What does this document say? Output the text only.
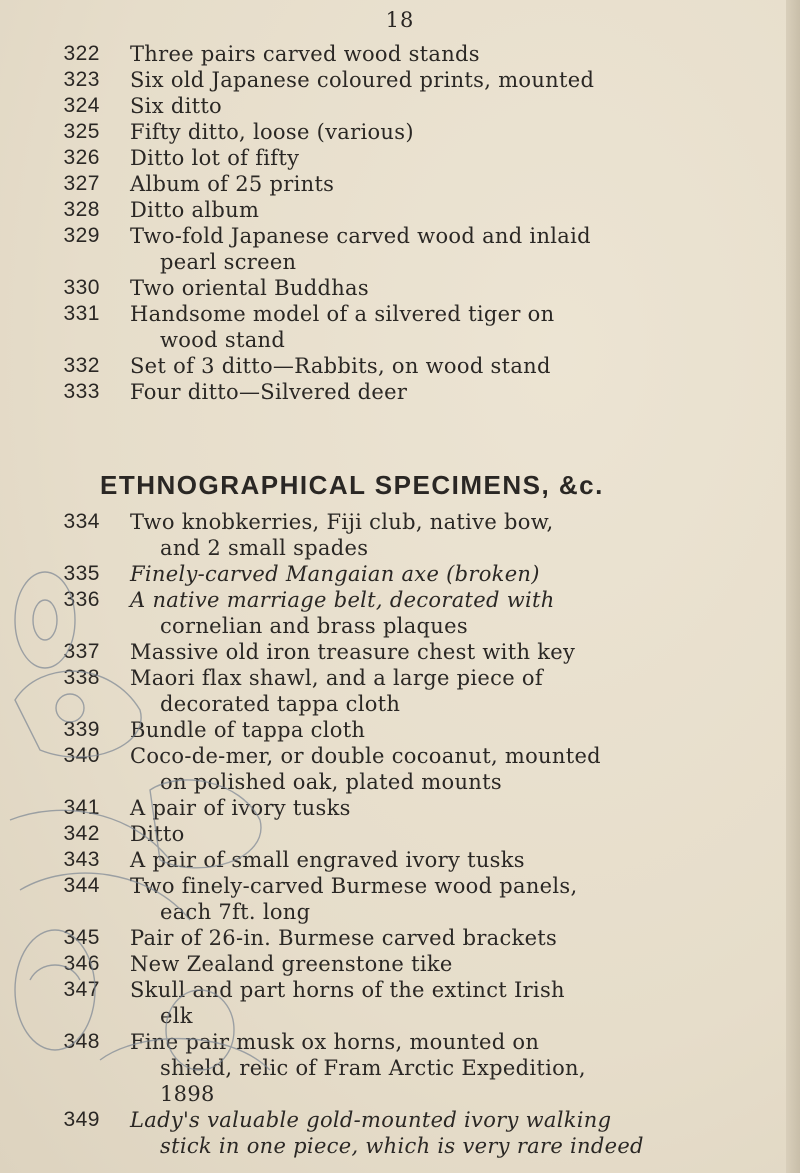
18
322 Three pairs carved wood stands
323 Six old Japanese coloured prints, mounted
324 Six ditto
325 Fifty ditto, loose (various)
326 Ditto lot of fifty
327 Album of 25 prints
328 Ditto album
329 Two-fold Japanese carved wood and inlaid
pearl screen
330 Two oriental Buddhas
331 Handsome model of a silvered tiger on
wood stand
332 Set of 3 ditto—Rabbits, on wood stand
333 Four ditto—Silvered deer
ETHNOGRAPHICAL SPECIMENS, &c.
334 Two knobkerries, Fiji club, native bow,
and 2 small spades
335 Finely-carved Mangaian axe (broken)
336 A native marriage belt, decorated with
cornelian and brass plaques
337 Massive old iron treasure chest with key
338 Maori flax shawl, and a large piece of
decorated tappa cloth
339 Bundle of tappa cloth
340 Coco-de-mer, or double cocoanut, mounted
on polished oak, plated mounts
341 A pair of ivory tusks
342 Ditto
343 A pair of small engraved ivory tusks
344 Two finely-carved Burmese wood panels,
each 7ft. long
345 Pair of 26-in. Burmese carved brackets
346 New Zealand greenstone tike
347 Skull and part horns of the extinct Irish
elk
348 Fine pair musk ox horns, mounted on
shield, relic of Fram Arctic Expedition,
1898
349 Lady's valuable gold-mounted ivory walking
stick in one piece, which is very rare indeed
